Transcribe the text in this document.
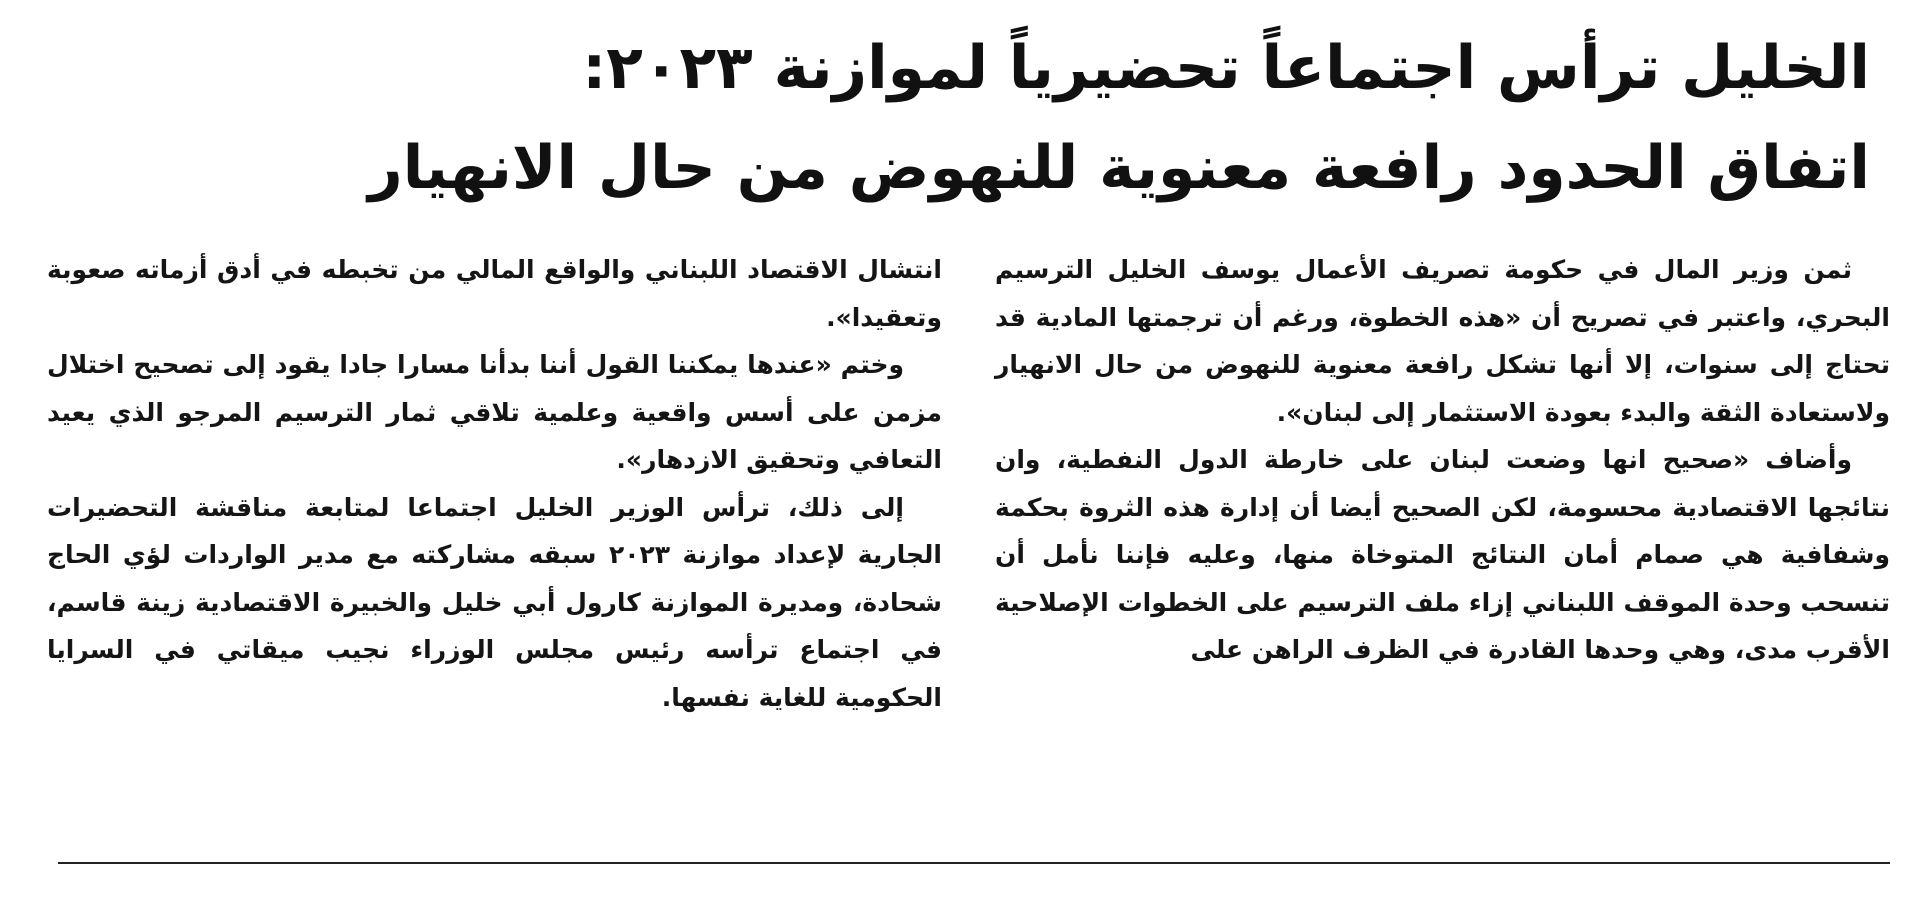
الخليل ترأس اجتماعاً تحضيرياً لموازنة ٢٠٢٣:
اتفاق الحدود رافعة معنوية للنهوض من حال الانهيار

ثمن وزير المال في حكومة تصريف الأعمال يوسف الخليل الترسيم البحري، واعتبر في تصريح أن «هذه الخطوة، ورغم أن ترجمتها المادية قد تحتاج إلى سنوات، إلا أنها تشكل رافعة معنوية للنهوض من حال الانهيار ولاستعادة الثقة والبدء بعودة الاستثمار إلى لبنان».

وأضاف «صحيح انها وضعت لبنان على خارطة الدول النفطية، وان نتائجها الاقتصادية محسومة، لكن الصحيح أيضا أن إدارة هذه الثروة بحكمة وشفافية هي صمام أمان النتائج المتوخاة منها، وعليه فإننا نأمل أن تنسحب وحدة الموقف اللبناني إزاء ملف الترسيم على الخطوات الإصلاحية الأقرب مدى، وهي وحدها القادرة في الظرف الراهن على

انتشال الاقتصاد اللبناني والواقع المالي من تخبطه في أدق أزماته صعوبة وتعقيدا».

وختم «عندها يمكننا القول أننا بدأنا مسارا جادا يقود إلى تصحيح اختلال مزمن على أسس واقعية وعلمية تلاقي ثمار الترسيم المرجو الذي يعيد التعافي وتحقيق الازدهار».

إلى ذلك، ترأس الوزير الخليل اجتماعا لمتابعة مناقشة التحضيرات الجارية لإعداد موازنة ٢٠٢٣ سبقه مشاركته مع مدير الواردات لؤي الحاج شحادة، ومديرة الموازنة كارول أبي خليل والخبيرة الاقتصادية زينة قاسم، في اجتماع ترأسه رئيس مجلس الوزراء نجيب ميقاتي في السرايا الحكومية للغاية نفسها.
